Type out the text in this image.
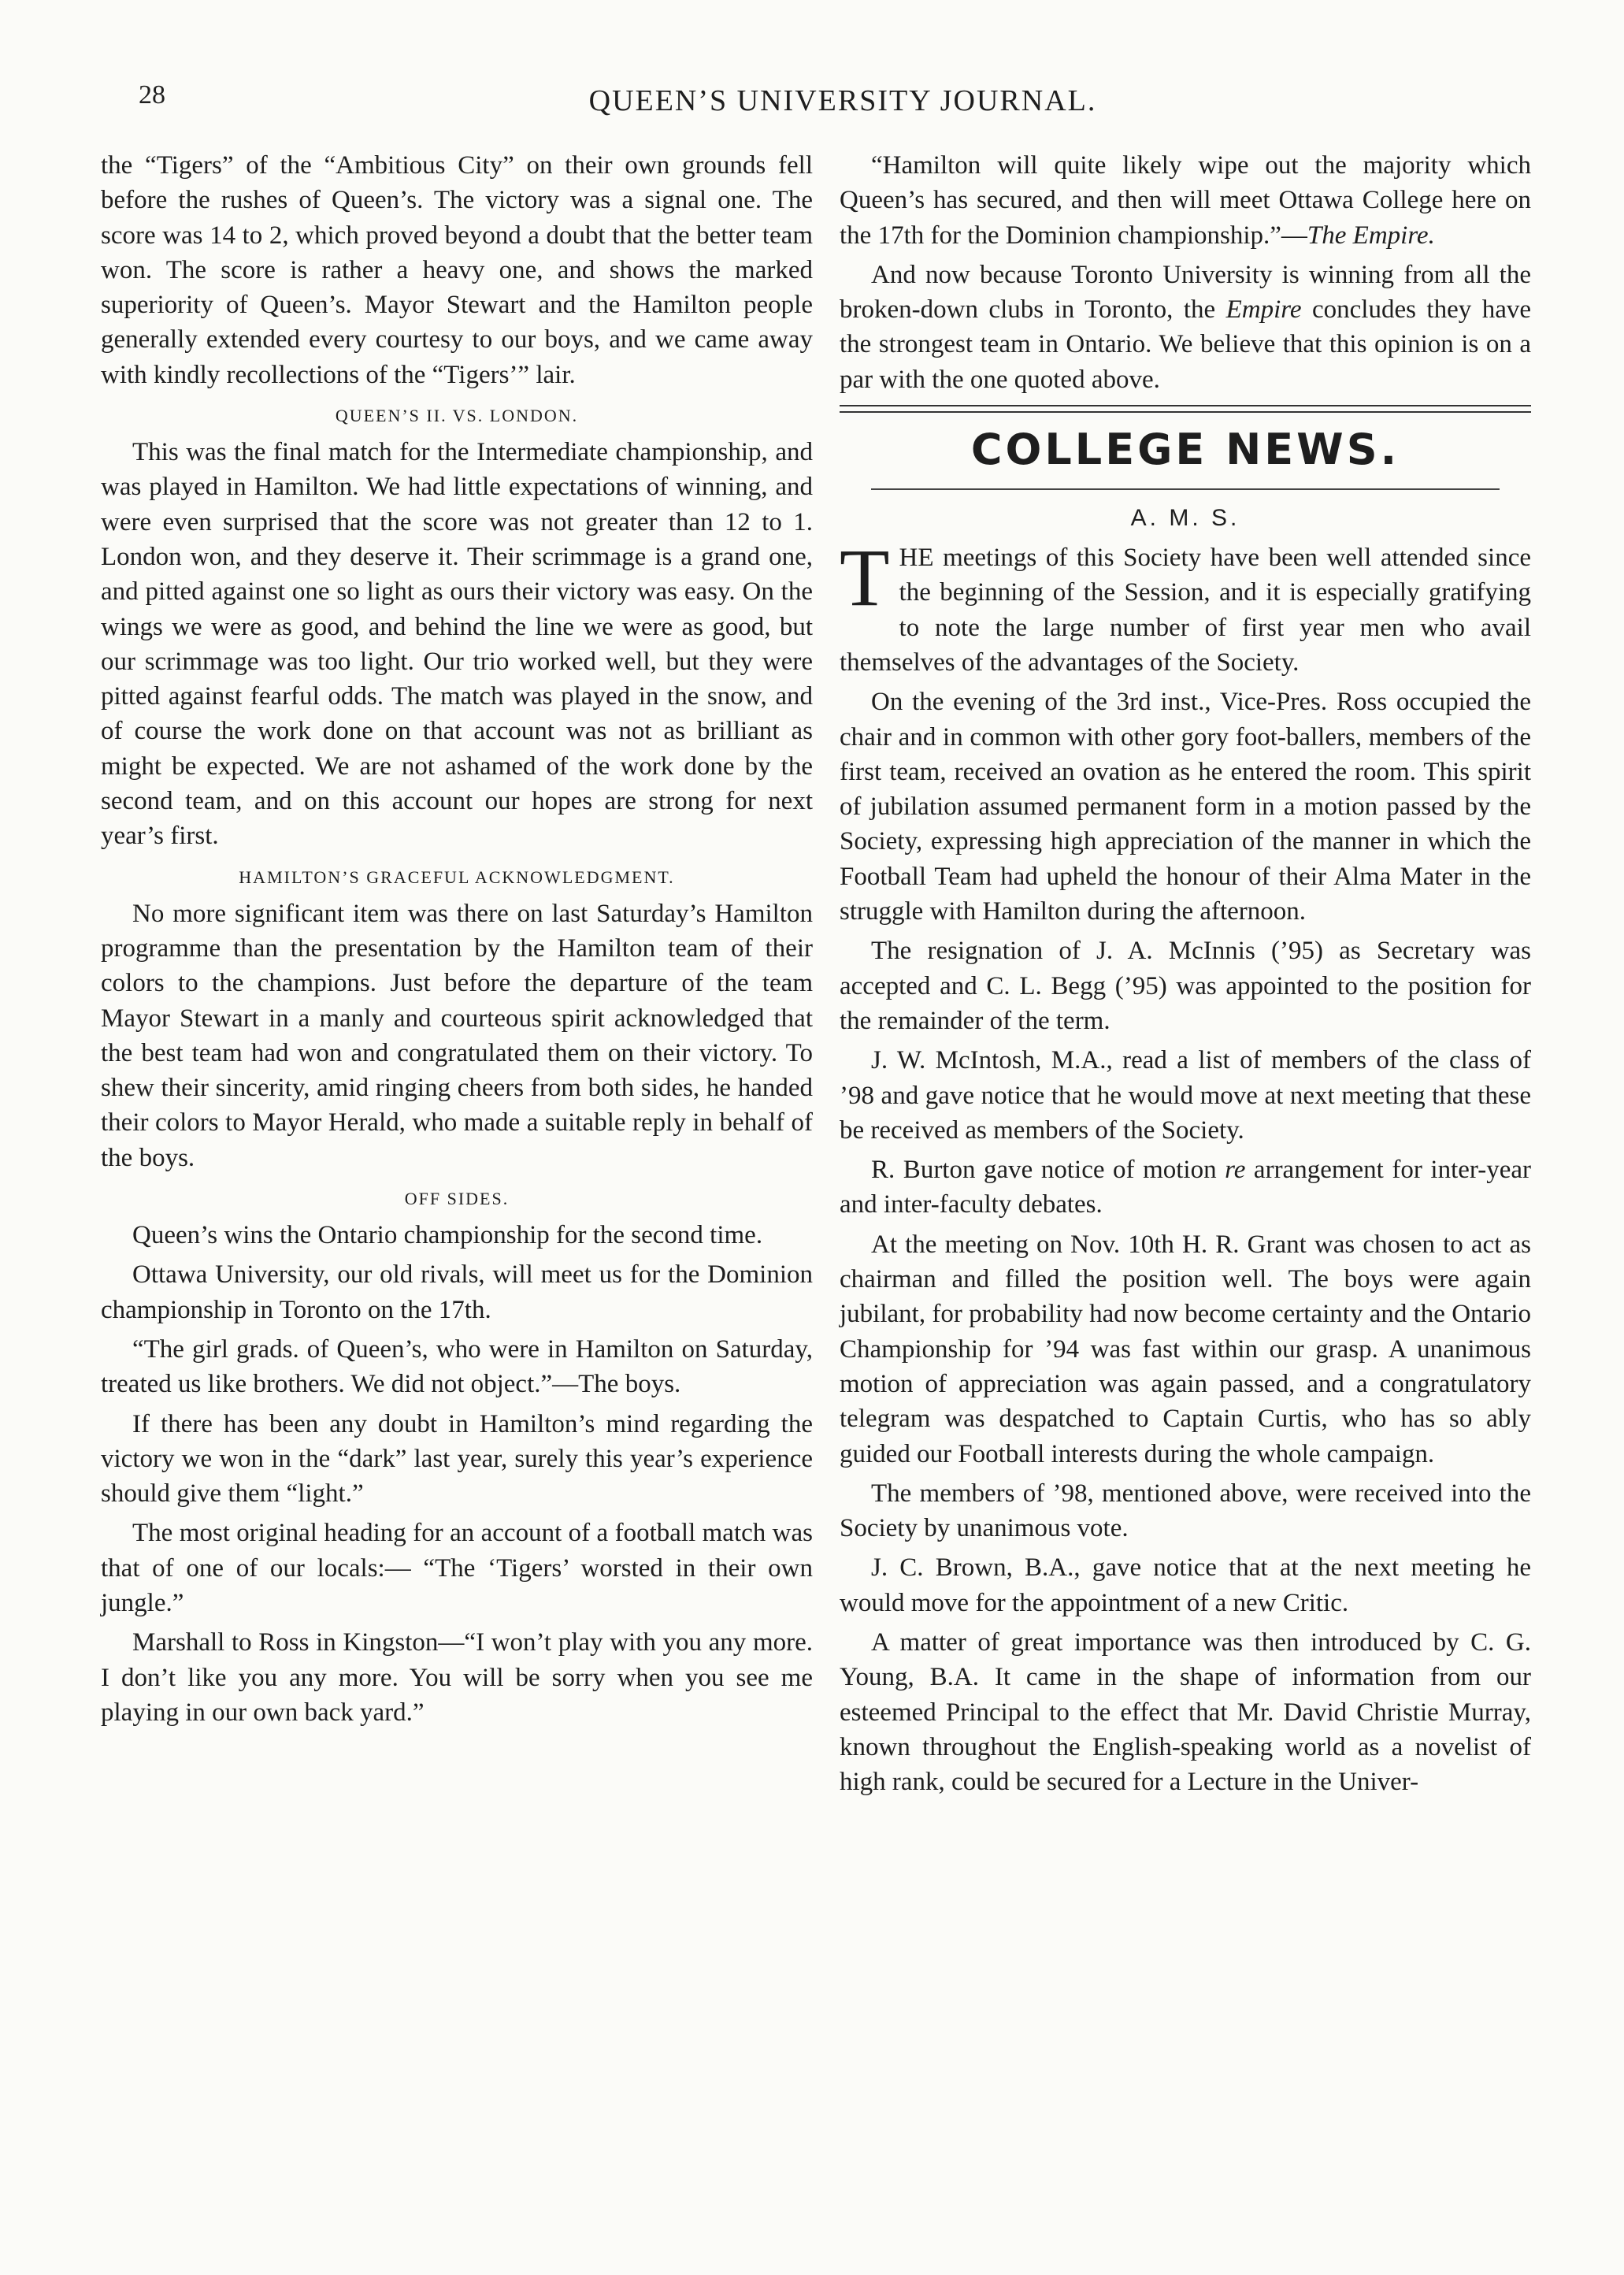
28	QUEEN’S UNIVERSITY JOURNAL.

the “Tigers” of the “Ambitious City” on their own grounds fell before the rushes of Queen’s. The victory was a signal one. The score was 14 to 2, which proved beyond a doubt that the better team won. The score is rather a heavy one, and shows the marked superiority of Queen’s. Mayor Stewart and the Hamilton people generally extended every courtesy to our boys, and we came away with kindly recollections of the “Tigers’” lair.

QUEEN’S II. VS. LONDON.

This was the final match for the Intermediate championship, and was played in Hamilton. We had little expectations of winning, and were even surprised that the score was not greater than 12 to 1. London won, and they deserve it. Their scrimmage is a grand one, and pitted against one so light as ours their victory was easy. On the wings we were as good, and behind the line we were as good, but our scrimmage was too light. Our trio worked well, but they were pitted against fearful odds. The match was played in the snow, and of course the work done on that account was not as brilliant as might be expected. We are not ashamed of the work done by the second team, and on this account our hopes are strong for next year’s first.

HAMILTON’S GRACEFUL ACKNOWLEDGMENT.

No more significant item was there on last Saturday’s Hamilton programme than the presentation by the Hamilton team of their colors to the champions. Just before the departure of the team Mayor Stewart in a manly and courteous spirit acknowledged that the best team had won and congratulated them on their victory. To shew their sincerity, amid ringing cheers from both sides, he handed their colors to Mayor Herald, who made a suitable reply in behalf of the boys.

OFF SIDES.

Queen’s wins the Ontario championship for the second time.

Ottawa University, our old rivals, will meet us for the Dominion championship in Toronto on the 17th.

“The girl grads. of Queen’s, who were in Hamilton on Saturday, treated us like brothers. We did not object.”—The boys.

If there has been any doubt in Hamilton’s mind regarding the victory we won in the “dark” last year, surely this year’s experience should give them “light.”

The most original heading for an account of a football match was that of one of our locals:— “The ‘Tigers’ worsted in their own jungle.”

Marshall to Ross in Kingston—“I won’t play with you any more. I don’t like you any more. You will be sorry when you see me playing in our own back yard.”

“Hamilton will quite likely wipe out the majority which Queen’s has secured, and then will meet Ottawa College here on the 17th for the Dominion championship.”—The Empire.

And now because Toronto University is winning from all the broken-down clubs in Toronto, the Empire concludes they have the strongest team in Ontario. We believe that this opinion is on a par with the one quoted above.

COLLEGE NEWS.
A. M. S.

THE meetings of this Society have been well attended since the beginning of the Session, and it is especially gratifying to note the large number of first year men who avail themselves of the advantages of the Society.

On the evening of the 3rd inst., Vice-Pres. Ross occupied the chair and in common with other gory foot-ballers, members of the first team, received an ovation as he entered the room. This spirit of jubilation assumed permanent form in a motion passed by the Society, expressing high appreciation of the manner in which the Football Team had upheld the honour of their Alma Mater in the struggle with Hamilton during the afternoon.

The resignation of J. A. McInnis (’95) as Secretary was accepted and C. L. Begg (’95) was appointed to the position for the remainder of the term.

J. W. McIntosh, M.A., read a list of members of the class of ’98 and gave notice that he would move at next meeting that these be received as members of the Society.

R. Burton gave notice of motion re arrangement for inter-year and inter-faculty debates.

At the meeting on Nov. 10th H. R. Grant was chosen to act as chairman and filled the position well. The boys were again jubilant, for probability had now become certainty and the Ontario Championship for ’94 was fast within our grasp. A unanimous motion of appreciation was again passed, and a congratulatory telegram was despatched to Captain Curtis, who has so ably guided our Football interests during the whole campaign.

The members of ’98, mentioned above, were received into the Society by unanimous vote.

J. C. Brown, B.A., gave notice that at the next meeting he would move for the appointment of a new Critic.

A matter of great importance was then introduced by C. G. Young, B.A. It came in the shape of information from our esteemed Principal to the effect that Mr. David Christie Murray, known throughout the English-speaking world as a novelist of high rank, could be secured for a Lecture in the Univer-
